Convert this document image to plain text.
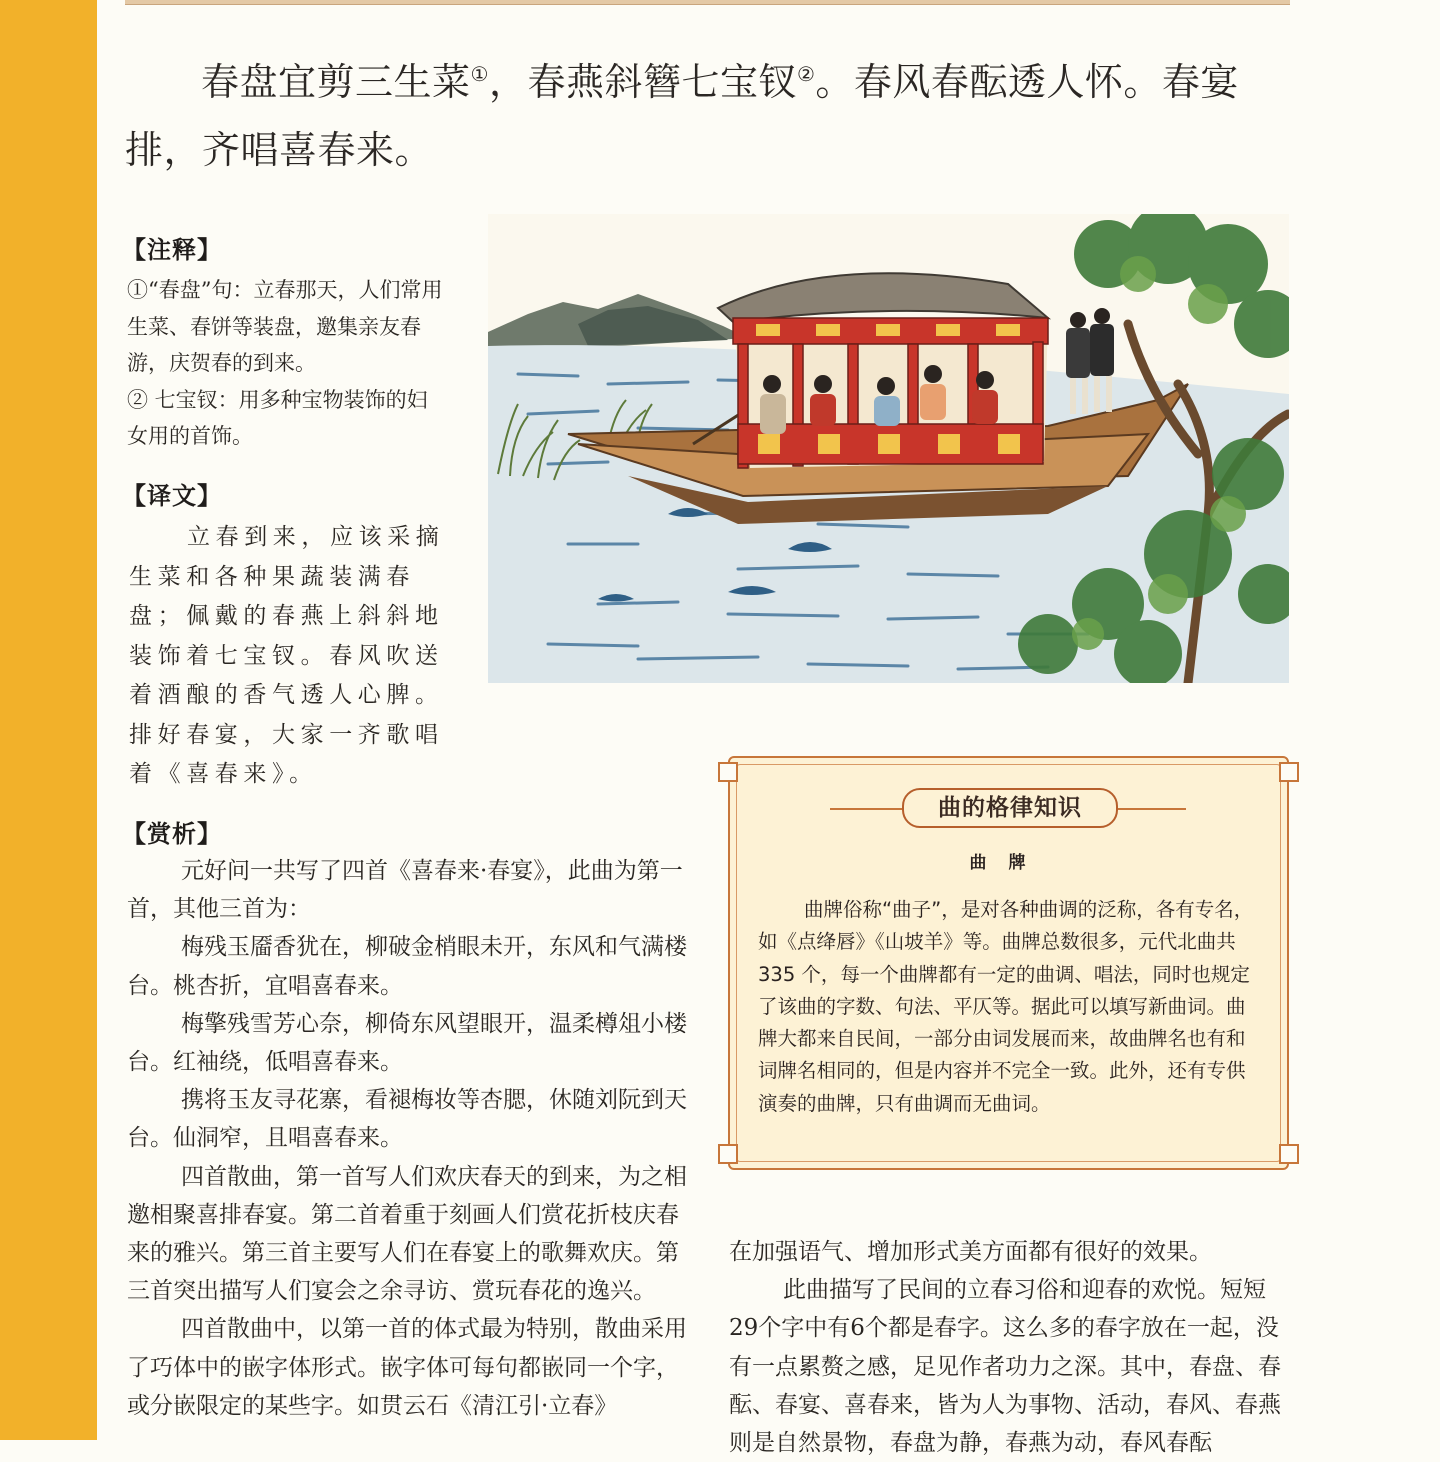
春盘宜剪三生菜①，春燕斜簪七宝钗②。春风春酝透人怀。春宴排，齐唱喜春来。

【注释】

①“春盘”句：立春那天，人们常用生菜、春饼等装盘，邀集亲友春游，庆贺春的到来。

② 七宝钗：用多种宝物装饰的妇女用的首饰。

【译文】

立春到来，应该采摘生菜和各种果蔬装满春盘；佩戴的春燕上斜斜地装饰着七宝钗。春风吹送着酒酿的香气透人心脾。排好春宴，大家一齐歌唱着《喜春来》。

【赏析】

元好问一共写了四首《喜春来·春宴》，此曲为第一首，其他三首为：

梅残玉靥香犹在，柳破金梢眼未开，东风和气满楼台。桃杏折，宜唱喜春来。

梅擎残雪芳心奈，柳倚东风望眼开，温柔樽俎小楼台。红袖绕，低唱喜春来。

携将玉友寻花寨，看褪梅妆等杏腮，休随刘阮到天台。仙洞窄，且唱喜春来。

四首散曲，第一首写人们欢庆春天的到来，为之相邀相聚喜排春宴。第二首着重于刻画人们赏花折枝庆春来的雅兴。第三首主要写人们在春宴上的歌舞欢庆。第三首突出描写人们宴会之余寻访、赏玩春花的逸兴。

四首散曲中，以第一首的体式最为特别，散曲采用了巧体中的嵌字体形式。嵌字体可每句都嵌同一个字，或分嵌限定的某些字。如贯云石《清江引·立春》

在加强语气、增加形式美方面都有很好的效果。

此曲描写了民间的立春习俗和迎春的欢悦。短短29个字中有6个都是春字。这么多的春字放在一起，没有一点累赘之感，足见作者功力之深。其中，春盘、春酝、春宴、喜春来，皆为人为事物、活动，春风、春燕则是自然景物，春盘为静，春燕为动，春风春酝

曲的格律知识
曲牌

曲牌俗称“曲子”，是对各种曲调的泛称，各有专名，如《点绛唇》《山坡羊》等。曲牌总数很多，元代北曲共 335 个，每一个曲牌都有一定的曲调、唱法，同时也规定了该曲的字数、句法、平仄等。据此可以填写新曲词。曲牌大都来自民间，一部分由词发展而来，故曲牌名也有和词牌名相同的，但是内容并不完全一致。此外，还有专供演奏的曲牌，只有曲调而无曲词。
